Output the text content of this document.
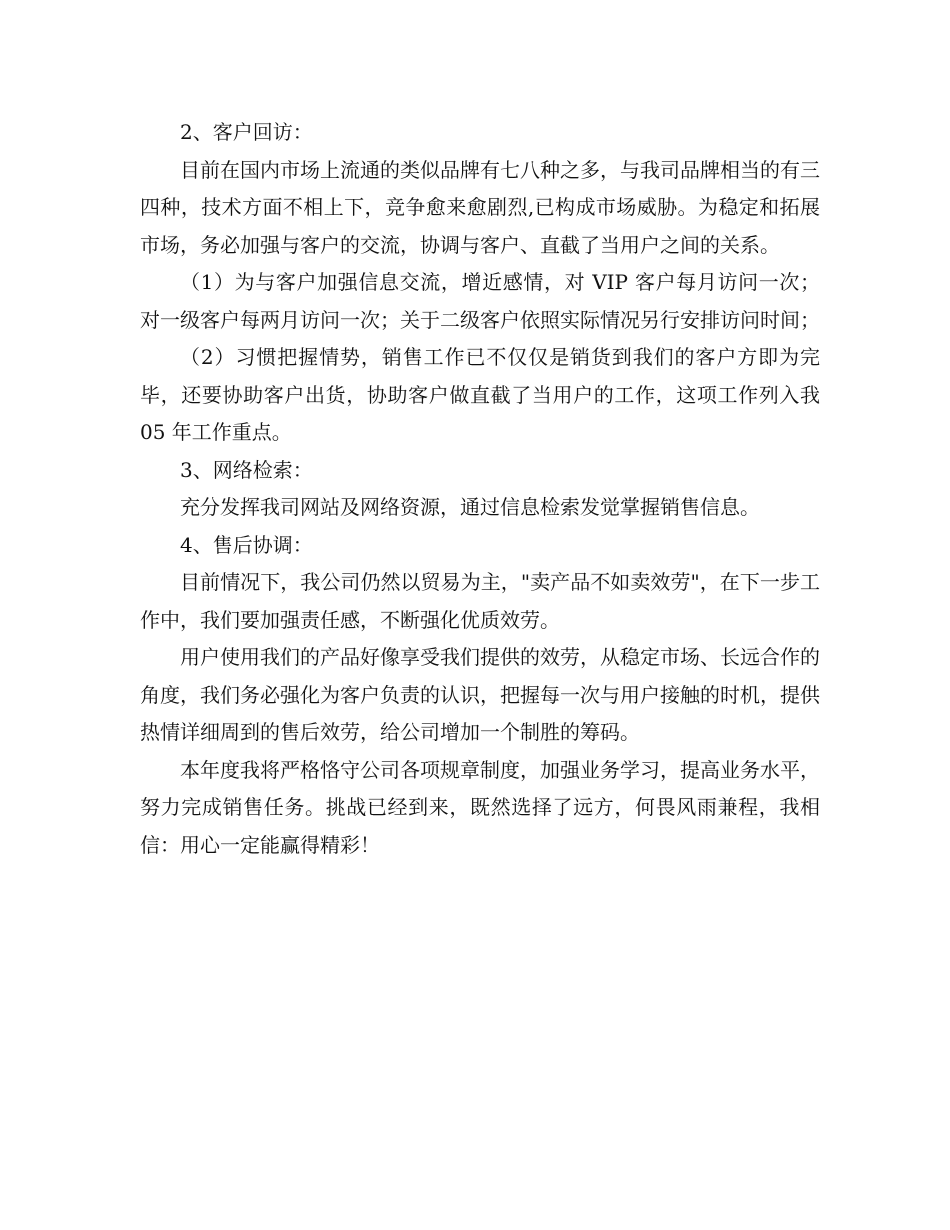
2、客户回访：

目前在国内市场上流通的类似品牌有七八种之多，与我司品牌相当的有三四种，技术方面不相上下，竞争愈来愈剧烈,已构成市场威胁。为稳定和拓展市场，务必加强与客户的交流，协调与客户、直截了当用户之间的关系。

（1）为与客户加强信息交流，增近感情，对 VIP 客户每月访问一次；对一级客户每两月访问一次；关于二级客户依照实际情况另行安排访问时间；

（2）习惯把握情势，销售工作已不仅仅是销货到我们的客户方即为完毕，还要协助客户出货，协助客户做直截了当用户的工作，这项工作列入我 05 年工作重点。

3、网络检索：

充分发挥我司网站及网络资源，通过信息检索发觉掌握销售信息。

4、售后协调：

目前情况下，我公司仍然以贸易为主，"卖产品不如卖效劳"，在下一步工作中，我们要加强责任感，不断强化优质效劳。

用户使用我们的产品好像享受我们提供的效劳，从稳定市场、长远合作的角度，我们务必强化为客户负责的认识，把握每一次与用户接触的时机，提供热情详细周到的售后效劳，给公司增加一个制胜的筹码。

本年度我将严格恪守公司各项规章制度，加强业务学习，提高业务水平，努力完成销售任务。挑战已经到来，既然选择了远方，何畏风雨兼程，我相信：用心一定能赢得精彩！
